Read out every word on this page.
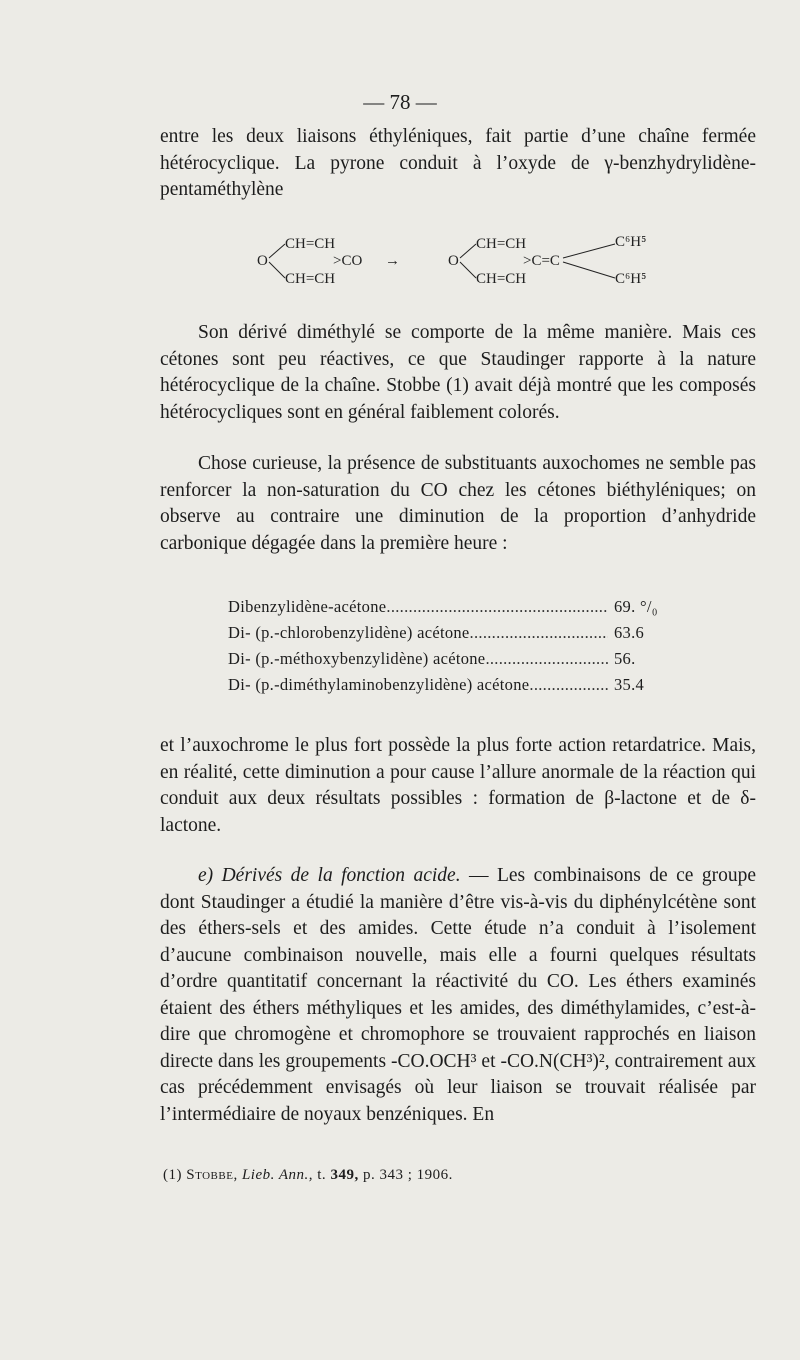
— 78 —

entre les deux liaisons éthyléniques, fait partie d’une chaîne fermée hétérocyclique. La pyrone conduit à l’oxyde de γ-benzhydrylidène-pentaméthylène

O
CH=CH
CH=CH
>CO →	O
CH=CH
CH=CH
>C=C
C⁶H⁵
C⁶H⁵

Son dérivé diméthylé se comporte de la même manière. Mais ces cétones sont peu réactives, ce que Staudinger rapporte à la nature hétérocyclique de la chaîne. Stobbe (1) avait déjà montré que les composés hétérocycliques sont en général faiblement colorés.

Chose curieuse, la présence de substituants auxochomes ne semble pas renforcer la non-saturation du CO chez les cétones biéthyléniques; on observe au contraire une diminution de la proportion d’anhydride carbonique dégagée dans la première heure :

Dibenzylidène-acétone .....	69. °/₀
Di- (p.-chlorobenzylidène) acétone .....	63.6
Di- (p.-méthoxybenzylidène) acétone .....	56.
Di- (p.-diméthylaminobenzylidène) acétone .....	35.4

et l’auxochrome le plus fort possède la plus forte action retardatrice. Mais, en réalité, cette diminution a pour cause l’allure anormale de la réaction qui conduit aux deux résultats possibles : formation de β-lactone et de δ-lactone.

e) Dérivés de la fonction acide. — Les combinaisons de ce groupe dont Staudinger a étudié la manière d’être vis-à-vis du diphénylcétène sont des éthers-sels et des amides. Cette étude n’a conduit à l’isolement d’aucune combinaison nouvelle, mais elle a fourni quelques résultats d’ordre quantitatif concernant la réactivité du CO. Les éthers examinés étaient des éthers méthyliques et les amides, des diméthylamides, c’est-à-dire que chromogène et chromophore se trouvaient rapprochés en liaison directe dans les groupements -CO.OCH³ et -CO.N(CH³)², contrairement aux cas précédemment envisagés où leur liaison se trouvait réalisée par l’intermédiaire de noyaux benzéniques. En

(1) Stobbe, Lieb. Ann., t. 349, p. 343 ; 1906.
